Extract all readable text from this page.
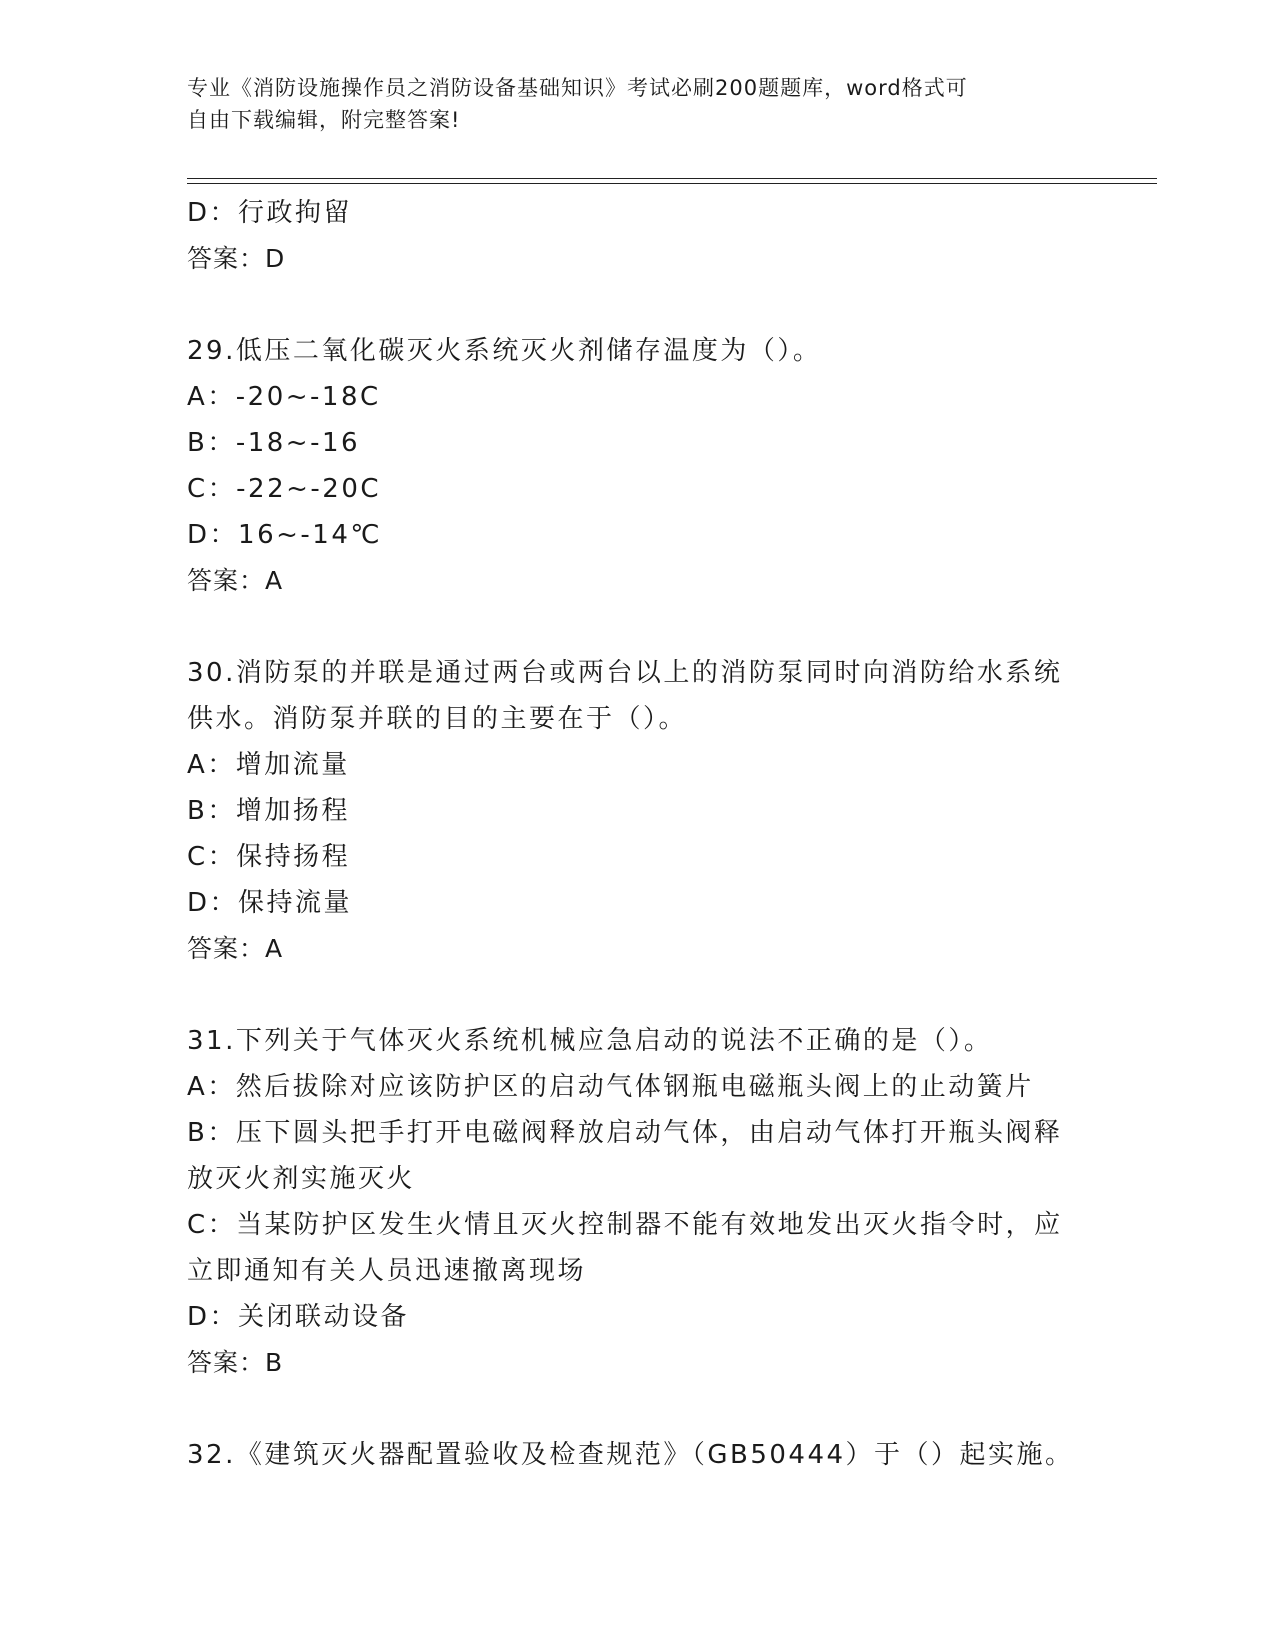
专业《消防设施操作员之消防设备基础知识》考试必刷200题题库，word格式可
自由下载编辑，附完整答案!
D：行政拘留
答案：D
29.低压二氧化碳灭火系统灭火剂储存温度为（）。
A：-20~-18C
B：-18~-16
C：-22~-20C
D：16~-14℃
答案：A
30.消防泵的并联是通过两台或两台以上的消防泵同时向消防给水系统
供水。消防泵并联的目的主要在于（）。
A：增加流量
B：增加扬程
C：保持扬程
D：保持流量
答案：A
31.下列关于气体灭火系统机械应急启动的说法不正确的是（）。
A：然后拔除对应该防护区的启动气体钢瓶电磁瓶头阀上的止动簧片
B：压下圆头把手打开电磁阀释放启动气体，由启动气体打开瓶头阀释
放灭火剂实施灭火
C：当某防护区发生火情且灭火控制器不能有效地发出灭火指令时，应
立即通知有关人员迅速撤离现场
D：关闭联动设备
答案：B
32.《建筑灭火器配置验收及检查规范》（GB50444）于（）起实施。
